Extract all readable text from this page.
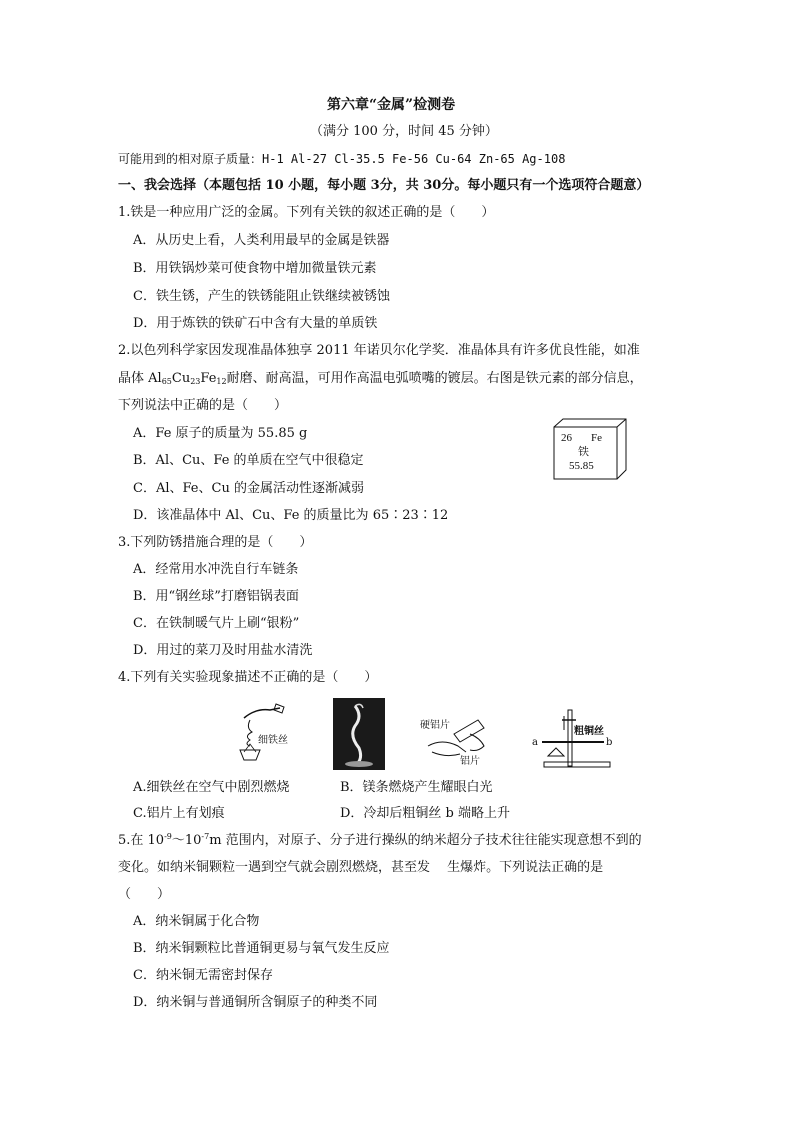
第六章“金属”检测卷
（满分 100 分，时间 45 分钟）
可能用到的相对原子质量：H-1 Al-27 Cl-35.5 Fe-56 Cu-64 Zn-65 Ag-108
一、我会选择（本题包括 10 小题，每小题 3分，共 30分。每小题只有一个选项符合题意）
1.铁是一种应用广泛的金属。下列有关铁的叙述正确的是（　　）
A．从历史上看，人类利用最早的金属是铁器
B．用铁锅炒菜可使食物中增加微量铁元素
C．铁生锈，产生的铁锈能阻止铁继续被锈蚀
D．用于炼铁的铁矿石中含有大量的单质铁
2.以色列科学家因发现准晶体独享 2011 年诺贝尔化学奖．准晶体具有许多优良性能，如准
晶体 $Al_{65}Cu_{23}Fe_{12}$耐磨、耐高温，可用作高温电弧喷嘴的镀层。右图是铁元素的部分信息，
下列说法中正确的是（　　）
A．Fe 原子的质量为 55.85 g
B．Al、Cu、Fe 的单质在空气中很稳定
C．Al、Fe、Cu 的金属活动性逐渐减弱
D．该准晶体中 Al、Cu、Fe 的质量比为 65∶23∶12
26 Fe
铁
55.85
3.下列防锈措施合理的是（　　）
A．经常用水冲洗自行车链条
B．用“钢丝球”打磨铝锅表面
C．在铁制暖气片上刷“银粉”
D．用过的菜刀及时用盐水清洗
4.下列有关实验现象描述不正确的是（　　）
细铁丝
硬铝片
铝片
a	b
粗铜丝
A.细铁丝在空气中剧烈燃烧	B．镁条燃烧产生耀眼白光
C.铝片上有划痕	D．冷却后粗铜丝 b 端略上升
5.在 $10^{-9}\sim 10^{-7}m$ 范围内，对原子、分子进行操纵的纳米超分子技术往往能实现意想不到的
变化。如纳米铜颗粒一遇到空气就会剧烈燃烧，甚至发　 生爆炸。下列说法正确的是
（　　）
A．纳米铜属于化合物
B．纳米铜颗粒比普通铜更易与氧气发生反应
C．纳米铜无需密封保存
D．纳米铜与普通铜所含铜原子的种类不同
